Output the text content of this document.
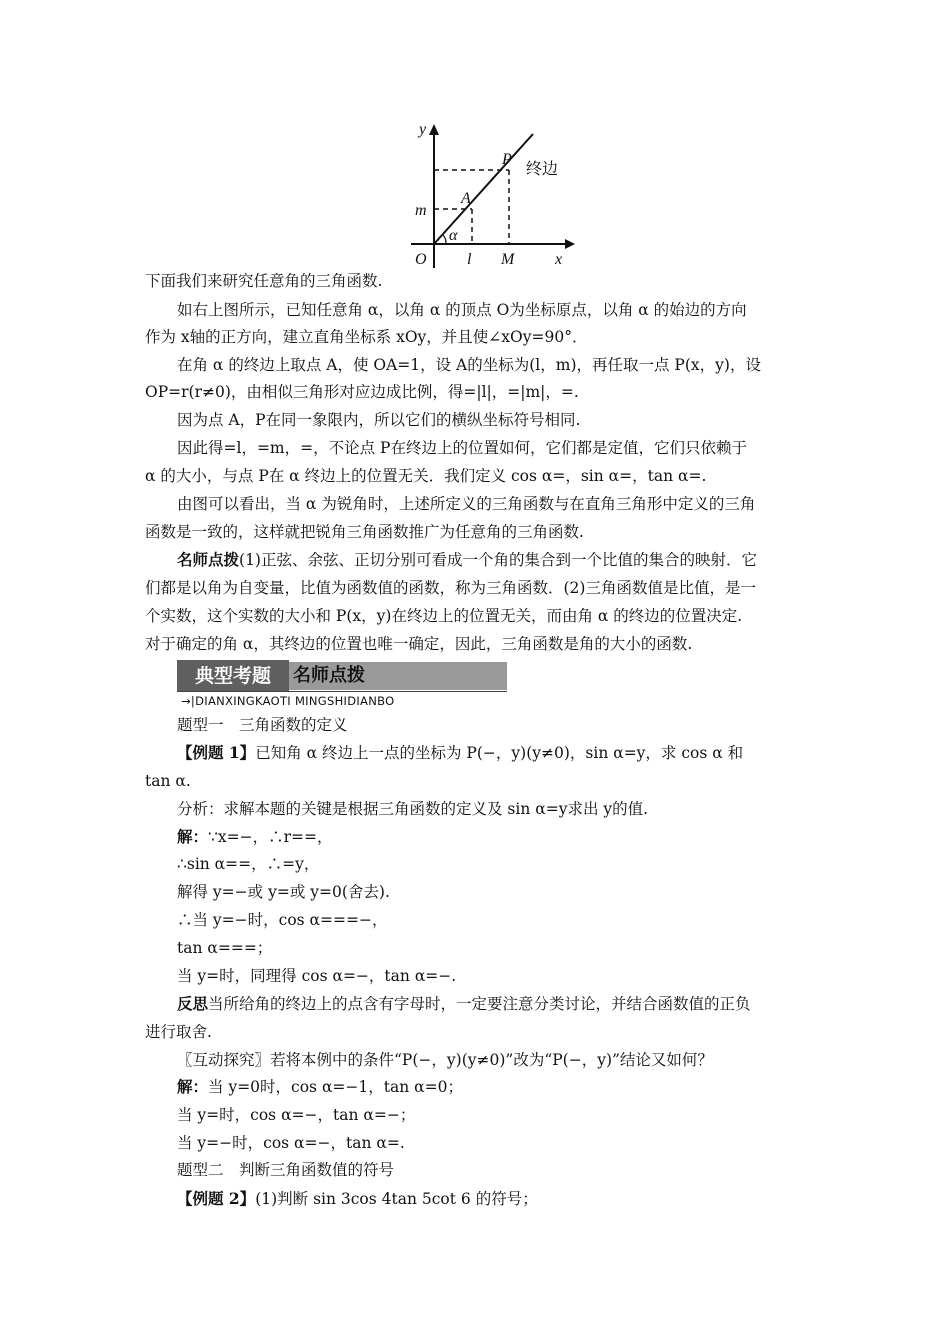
y
P
A
m
α
O	l M	x
终边
下面我们来研究任意角的三角函数.
如右上图所示，已知任意角 α，以角 α 的顶点 O为坐标原点，以角 α 的始边的方向
作为 x轴的正方向，建立直角坐标系 xOy，并且使∠xOy=90°．
在角 α 的终边上取点 A，使 OA=1，设 A的坐标为(l，m)，再任取一点 P(x，y)，设
OP=r(r≠0)，由相似三角形对应边成比例，得=|l|，=|m|，=.
因为点 A，P在同一象限内，所以它们的横纵坐标符号相同.
因此得=l，=m，=，不论点 P在终边上的位置如何，它们都是定值，它们只依赖于
α 的大小，与点 P在 α 终边上的位置无关．我们定义 cos α=，sin α=，tan α=.
由图可以看出，当 α 为锐角时，上述所定义的三角函数与在直角三角形中定义的三角
函数是一致的，这样就把锐角三角函数推广为任意角的三角函数.
名师点拨(1)正弦、余弦、正切分别可看成一个角的集合到一个比值的集合的映射．它
们都是以角为自变量，比值为函数值的函数，称为三角函数．(2)三角函数值是比值，是一
个实数，这个实数的大小和 P(x，y)在终边上的位置无关，而由角 α 的终边的位置决定.
对于确定的角 α，其终边的位置也唯一确定，因此，三角函数是角的大小的函数.
典型考题	名师点拨
→|DIANXINGKAOTI MINGSHIDIANBO
题型一　三角函数的定义
【例题 1】已知角 α 终边上一点的坐标为 P(−，y)(y≠0)，sin α=y，求 cos α 和
tan α.
分析：求解本题的关键是根据三角函数的定义及 sin α=y求出 y的值.
解：∵x=−，∴r==，
∴sin α==，∴=y，
解得 y=−或 y=或 y=0(舍去).
∴当 y=−时，cos α===−，
tan α===；
当 y=时，同理得 cos α=−，tan α=−.
反思当所给角的终边上的点含有字母时，一定要注意分类讨论，并结合函数值的正负
进行取舍.
〖互动探究〗若将本例中的条件“P(−，y)(y≠0)”改为“P(−，y)”结论又如何？
解：当 y=0时，cos α=−1，tan α=0；
当 y=时，cos α=−，tan α=−；
当 y=−时，cos α=−，tan α=.
题型二　判断三角函数值的符号
【例题 2】(1)判断 sin 3cos 4tan 5cot 6 的符号；
